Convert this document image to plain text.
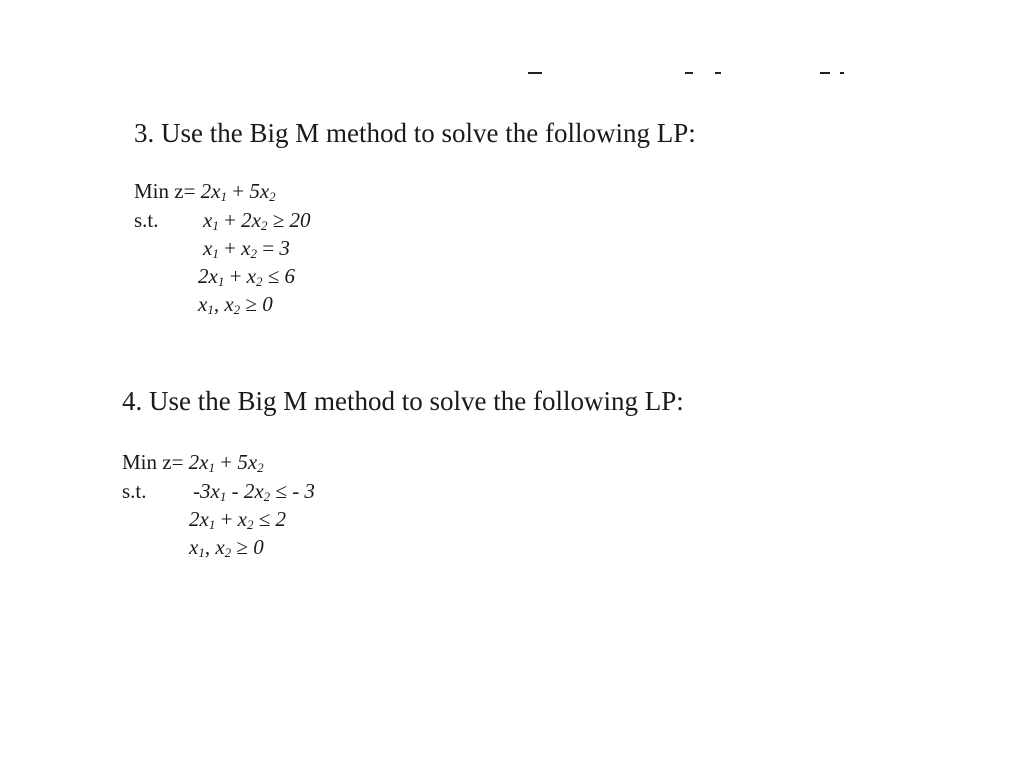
3. Use the Big M method to solve the following LP:
Min $z= 2x_1 + 5x_2$
s.t. $x_1 + 2x_2 \ge 20$
$x_1 + x_2 = 3$
$2x_1 + x_2 \le 6$
$x_1$, $x_2 \ge 0$
4. Use the Big M method to solve the following LP:
Min $z= 2x_1 + 5x_2$
s.t. $-3x_1 - 2x_2$ ≤ - 3
$2x_1 + x_2 \le 2$
$x_1$, $x_2 \ge 0$
